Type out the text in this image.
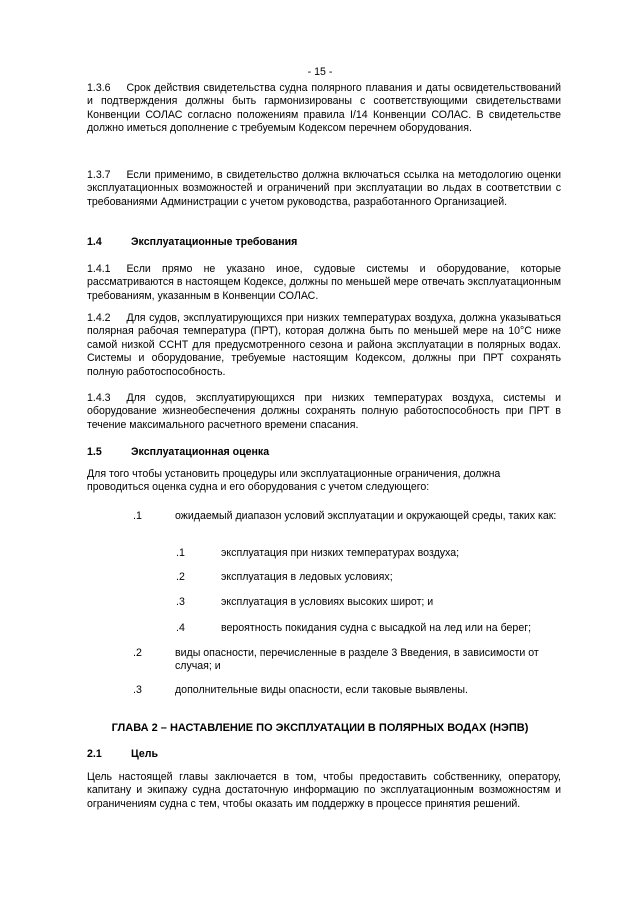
- 15 -
1.3.6  Срок действия свидетельства судна полярного плавания и даты освидетельствований и подтверждения должны быть гармонизированы с соответствующими свидетельствами Конвенции СОЛАС согласно положениям правила I/14 Конвенции СОЛАС. В свидетельстве должно иметься дополнение с требуемым Кодексом перечнем оборудования.
1.3.7  Если применимо, в свидетельство должна включаться ссылка на методологию оценки эксплуатационных возможностей и ограничений при эксплуатации во льдах в соответствии с требованиями Администрации с учетом руководства, разработанного Организацией.
1.4	Эксплуатационные требования
1.4.1  Если прямо не указано иное, судовые системы и оборудование, которые рассматриваются в настоящем Кодексе, должны по меньшей мере отвечать эксплуатационным требованиям, указанным в Конвенции СОЛАС.
1.4.2  Для судов, эксплуатирующихся при низких температурах воздуха, должна указываться полярная рабочая температура (ПРТ), которая должна быть по меньшей мере на 10°С ниже самой низкой ССНТ для предусмотренного сезона и района эксплуатации в полярных водах. Системы и оборудование, требуемые настоящим Кодексом, должны при ПРТ сохранять полную работоспособность.
1.4.3  Для судов, эксплуатирующихся при низких температурах воздуха, системы и оборудование жизнеобеспечения должны сохранять полную работоспособность при ПРТ в течение максимального расчетного времени спасания.
1.5	Эксплуатационная оценка
Для того чтобы установить процедуры или эксплуатационные ограничения, должна проводиться оценка судна и его оборудования с учетом следующего:
.1	ожидаемый диапазон условий эксплуатации и окружающей среды, таких как:
.1	эксплуатация при низких температурах воздуха;
.2	эксплуатация в ледовых условиях;
.3	эксплуатация в условиях высоких широт; и
.4	вероятность покидания судна с высадкой на лед или на берег;
.2	виды опасности, перечисленные в разделе 3 Введения, в зависимости от случая; и
.3	дополнительные виды опасности, если таковые выявлены.
ГЛАВА 2 – НАСТАВЛЕНИЕ ПО ЭКСПЛУАТАЦИИ В ПОЛЯРНЫХ ВОДАХ (НЭПВ)
2.1	Цель
Цель настоящей главы заключается в том, чтобы предоставить собственнику, оператору, капитану и экипажу судна достаточную информацию по эксплуатационным возможностям и ограничениям судна с тем, чтобы оказать им поддержку в процессе принятия решений.
